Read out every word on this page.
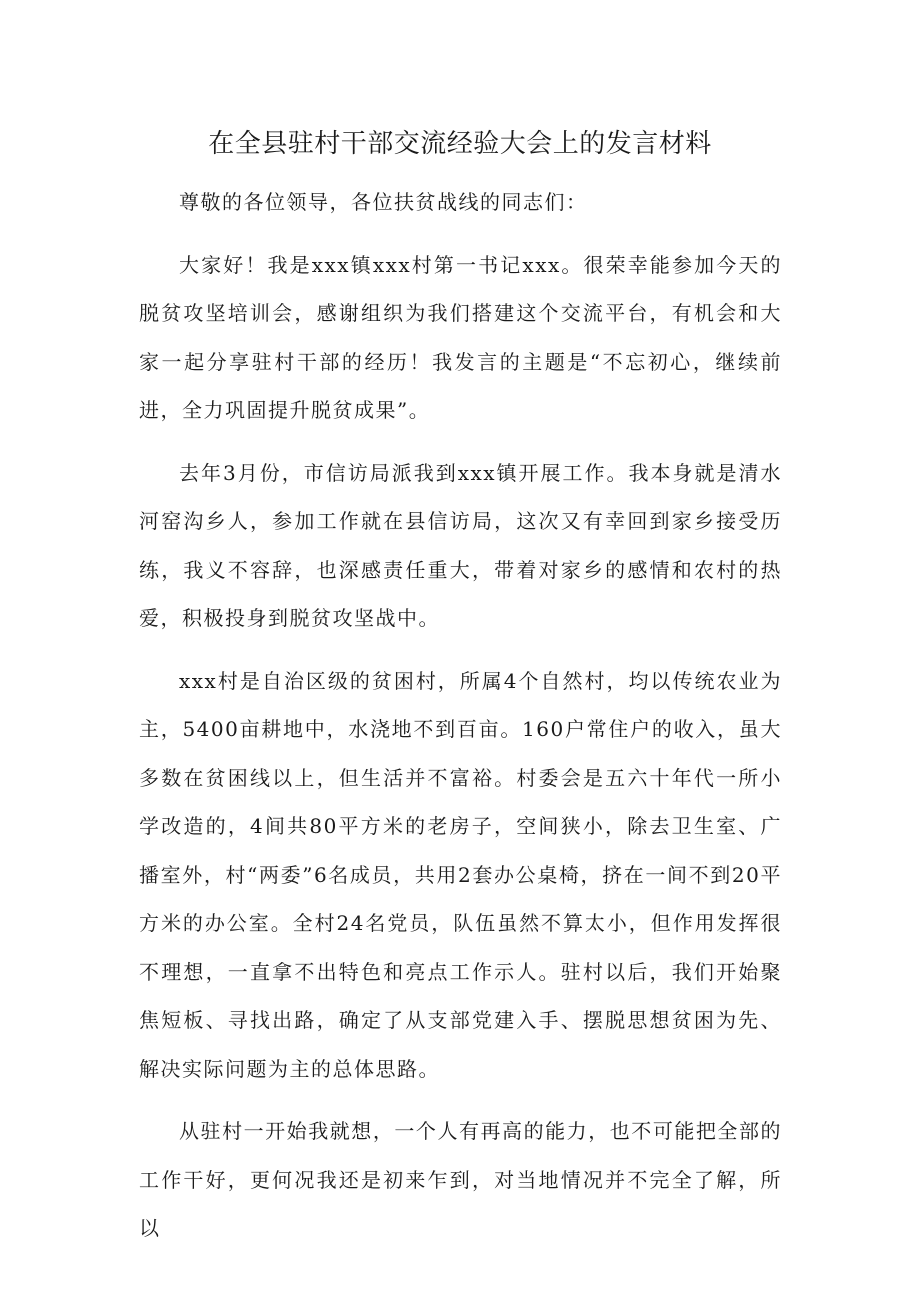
在全县驻村干部交流经验大会上的发言材料

尊敬的各位领导，各位扶贫战线的同志们：

大家好！我是xxx镇xxx村第一书记xxx。很荣幸能参加今天的脱贫攻坚培训会，感谢组织为我们搭建这个交流平台，有机会和大家一起分享驻村干部的经历！我发言的主题是“不忘初心，继续前进，全力巩固提升脱贫成果”。

去年3月份，市信访局派我到xxx镇开展工作。我本身就是清水河窑沟乡人，参加工作就在县信访局，这次又有幸回到家乡接受历练，我义不容辞，也深感责任重大，带着对家乡的感情和农村的热爱，积极投身到脱贫攻坚战中。

xxx村是自治区级的贫困村，所属4个自然村，均以传统农业为主，5400亩耕地中，水浇地不到百亩。160户常住户的收入，虽大多数在贫困线以上，但生活并不富裕。村委会是五六十年代一所小学改造的，4间共80平方米的老房子，空间狭小，除去卫生室、广播室外，村“两委”6名成员，共用2套办公桌椅，挤在一间不到20平方米的办公室。全村24名党员，队伍虽然不算太小，但作用发挥很不理想，一直拿不出特色和亮点工作示人。驻村以后，我们开始聚焦短板、寻找出路，确定了从支部党建入手、摆脱思想贫困为先、解决实际问题为主的总体思路。

从驻村一开始我就想，一个人有再高的能力，也不可能把全部的工作干好，更何况我还是初来乍到，对当地情况并不完全了解，所以
